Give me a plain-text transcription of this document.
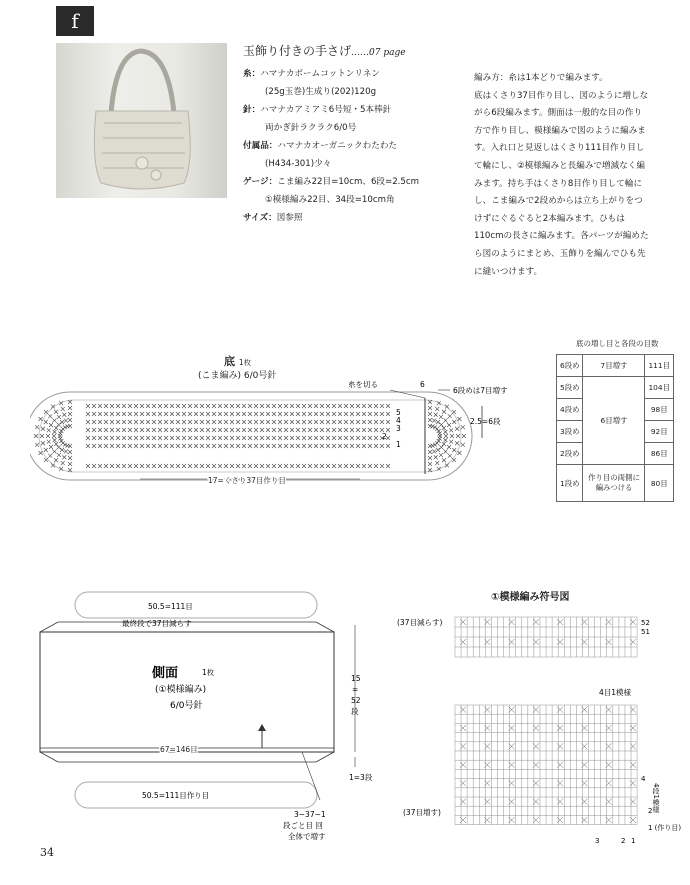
f
玉飾り付きの手さげ……07 page
糸：ハマナカボームコットンリネン
(25g玉巻)生成り(202)120g
針：ハマナカアミアミ6号短・5本棒針
両かぎ針ラクラク6/0号
付属品：ハマナカオーガニックわたわた
(H434-301)少々
ゲージ：こま編み22目=10cm、6段=2.5cm
①模様編み22目、34段=10cm角
サイズ：図参照

編み方：糸は1本どりで編みます。

底はくさり37目作り目し、図のように増しな

がら6段編みます。側面は一般的な目の作り

方で作り目し、模様編みで図のように編みま

す。入れ口と見返しはくさり111目作り目し

て輪にし、②模様編みと長編みで増減なく編

みます。持ち手はくさり8目作り目して輪に

し、こま編みで2段めからは立ち上がりをつ

けずにぐるぐると2本編みます。ひもは

110cmの長さに編みます。各パーツが編めた

ら図のようにまとめ、玉飾りを編んでひも先

に縫いつけます。

底 1枚
(こま編み) 6/0号針
糸を切る	6
6段めは7目増す
5
4
3
2
1
2.5=6段
17=くさり37目作り目
底の増し目と各段の目数
6段め	7目増す	111目
5段め	6目増す	104目
4段め		98目
3段め		92目
2段め		86目
1段め	作り目の両側に編みつける	80目
50.5=111目
最終段で37目減らす
側面	1枚
(①模様編み)
6/0号針
15
=
52
段
67=146目
50.5=111目作り目
1=3段
3~37~1
段ごと目 回
全体で増す
①模様編み符号図
(37目減らす)	52
51
4目1模様
(37目増す)
4
4段1模様
2
1 (作り目)
3	2 1
34
